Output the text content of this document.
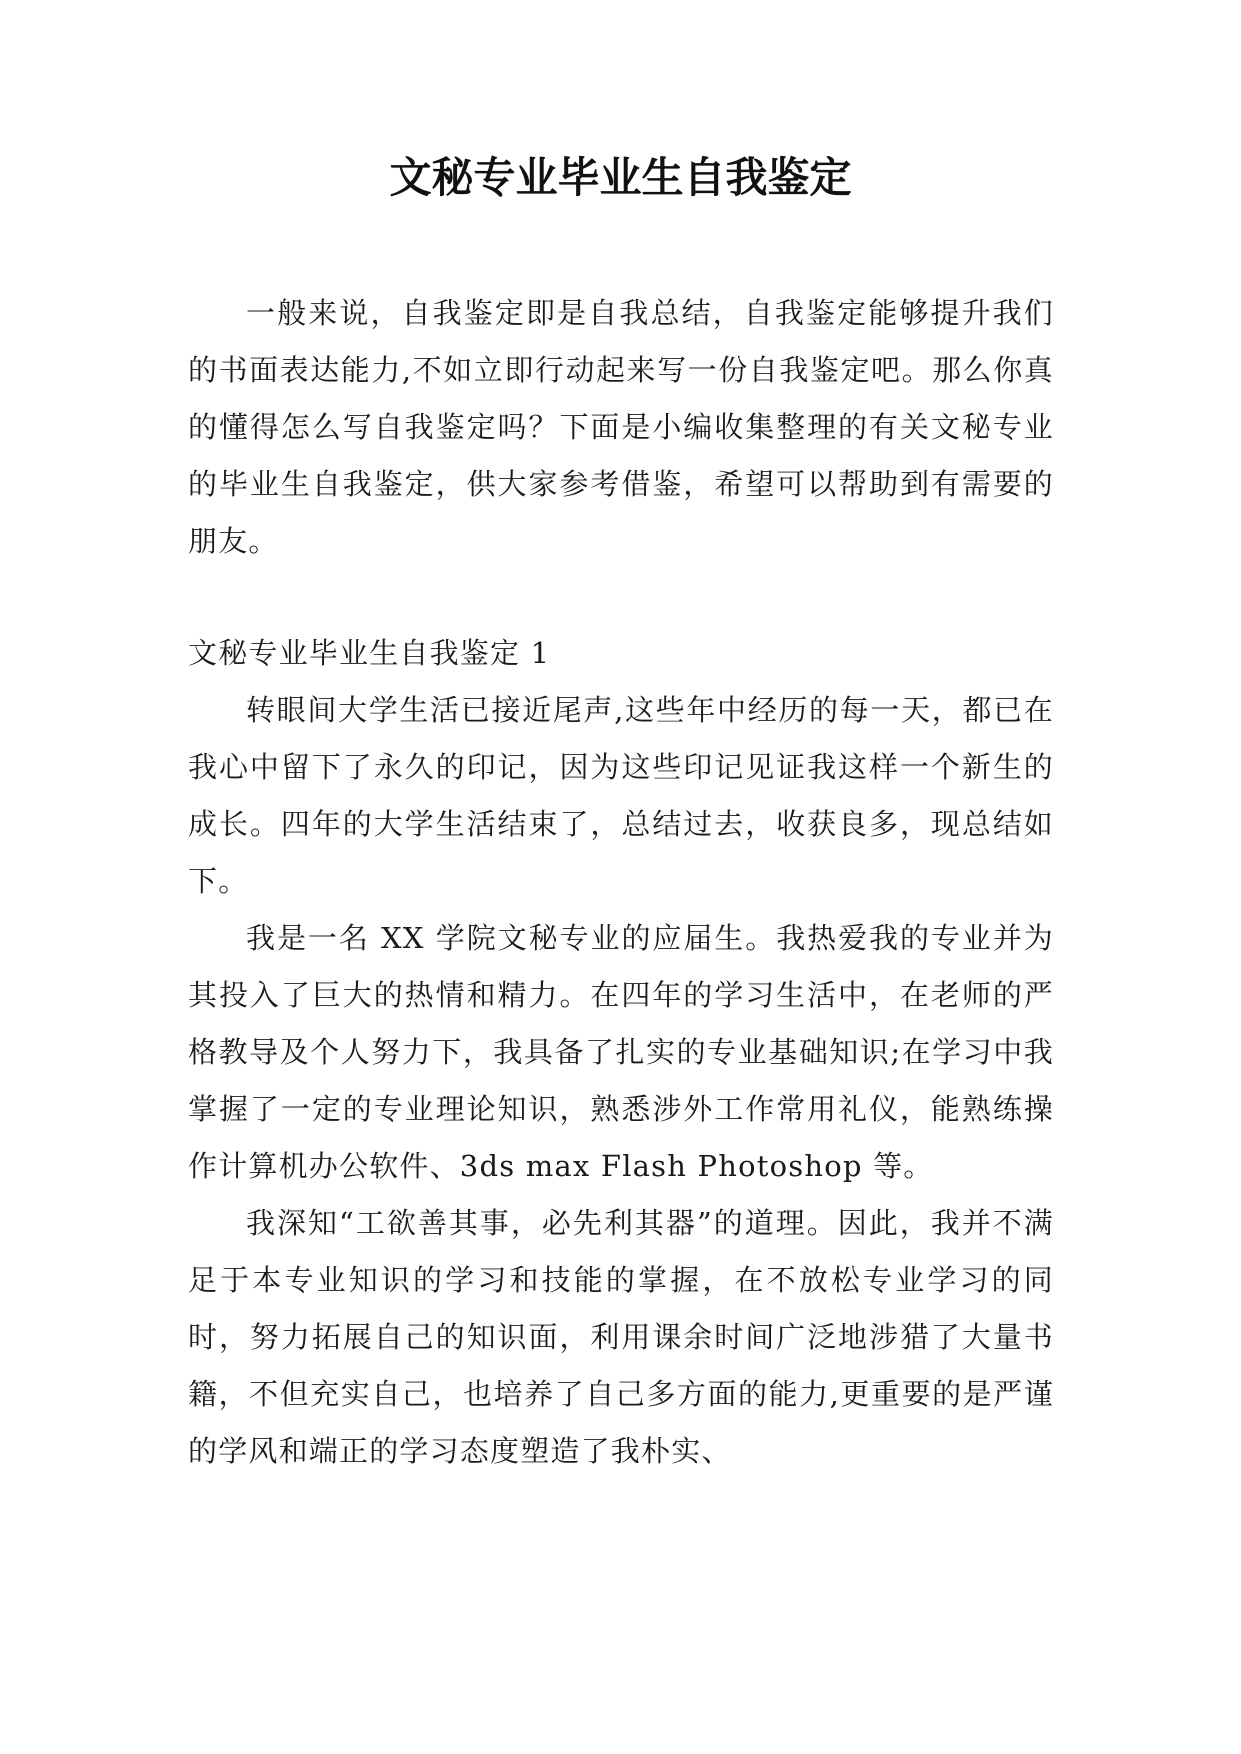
文秘专业毕业生自我鉴定

一般来说，自我鉴定即是自我总结，自我鉴定能够提升我们的书面表达能力,不如立即行动起来写一份自我鉴定吧。那么你真的懂得怎么写自我鉴定吗？下面是小编收集整理的有关文秘专业的毕业生自我鉴定，供大家参考借鉴，希望可以帮助到有需要的朋友。

文秘专业毕业生自我鉴定 1

转眼间大学生活已接近尾声,这些年中经历的每一天，都已在我心中留下了永久的印记，因为这些印记见证我这样一个新生的成长。四年的大学生活结束了，总结过去，收获良多，现总结如下。

我是一名 XX 学院文秘专业的应届生。我热爱我的专业并为其投入了巨大的热情和精力。在四年的学习生活中，在老师的严格教导及个人努力下，我具备了扎实的专业基础知识;在学习中我掌握了一定的专业理论知识，熟悉涉外工作常用礼仪，能熟练操作计算机办公软件、3ds max Flash Photoshop 等。

我深知“工欲善其事，必先利其器”的道理。因此，我并不满足于本专业知识的学习和技能的掌握，在不放松专业学习的同时，努力拓展自己的知识面，利用课余时间广泛地涉猎了大量书籍，不但充实自己，也培养了自己多方面的能力,更重要的是严谨的学风和端正的学习态度塑造了我朴实、
